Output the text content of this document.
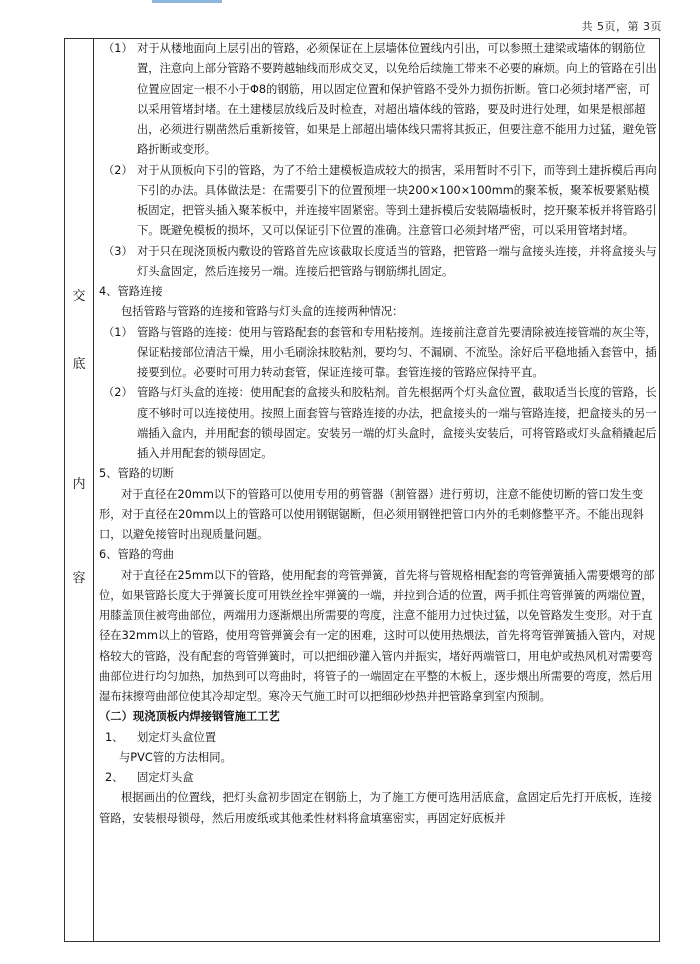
共 5页，第 3页
交
底
内
容
（1） 对于从楼地面向上层引出的管路，必须保证在上层墙体位置线内引出，可以参照土建梁或墙体的钢筋位置，注意向上部分管路不要跨越轴线而形成交叉，以免给后续施工带来不必要的麻烦。向上的管路在引出位置应固定一根不小于Φ8的钢筋，用以固定位置和保护管路不受外力损伤折断。管口必须封堵严密，可以采用管堵封堵。在土建楼层放线后及时检查，对超出墙体线的管路，要及时进行处理，如果是根部超出，必须进行剔凿然后重新接管，如果是上部超出墙体线只需将其扳正，但要注意不能用力过猛，避免管路折断或变形。
（2） 对于从顶板向下引的管路，为了不给土建模板造成较大的损害，采用暂时不引下，而等到土建拆模后再向下引的办法。具体做法是：在需要引下的位置预埋一块200×100×100mm的聚苯板，聚苯板要紧贴模板固定，把管头插入聚苯板中，并连接牢固紧密。等到土建拆模后安装隔墙板时，挖开聚苯板并将管路引下。既避免模板的损坏，又可以保证引下位置的准确。注意管口必须封堵严密，可以采用管堵封堵。
（3） 对于只在现浇顶板内敷设的管路首先应该截取长度适当的管路，把管路一端与盒接头连接，并将盒接头与灯头盒固定，然后连接另一端。连接后把管路与钢筋绑扎固定。
4、管路连接
包括管路与管路的连接和管路与灯头盒的连接两种情况：
（1） 管路与管路的连接：使用与管路配套的套管和专用粘接剂。连接前注意首先要清除被连接管端的灰尘等，保证粘接部位清洁干燥，用小毛刷涂抹胶粘剂，要均匀、不漏刷、不流坠。涂好后平稳地插入套管中，插接要到位。必要时可用力转动套管，保证连接可靠。套管连接的管路应保持平直。
（2） 管路与灯头盒的连接：使用配套的盒接头和胶粘剂。首先根据两个灯头盒位置，截取适当长度的管路，长度不够时可以连接使用。按照上面套管与管路连接的办法，把盒接头的一端与管路连接，把盒接头的另一端插入盒内，并用配套的锁母固定。安装另一端的灯头盒时，盒接头安装后，可将管路或灯头盒稍撬起后插入并用配套的锁母固定。
5、管路的切断
对于直径在20mm以下的管路可以使用专用的剪管器（割管器）进行剪切，注意不能使切断的管口发生变形，对于直径在20mm以上的管路可以使用钢锯锯断，但必须用钢锉把管口内外的毛刺修整平齐。不能出现斜口，以避免接管时出现质量问题。
6、管路的弯曲
对于直径在25mm以下的管路，使用配套的弯管弹簧，首先将与管规格相配套的弯管弹簧插入需要煨弯的部位，如果管路长度大于弹簧长度可用铁丝拴牢弹簧的一端，并拉到合适的位置，两手抓住弯管弹簧的两端位置，用膝盖顶住被弯曲部位，两端用力逐渐煨出所需要的弯度，注意不能用力过快过猛，以免管路发生变形。对于直径在32mm以上的管路，使用弯管弹簧会有一定的困难，这时可以使用热煨法，首先将弯管弹簧插入管内，对规格较大的管路，没有配套的弯管弹簧时，可以把细砂灌入管内并振实，堵好两端管口，用电炉或热风机对需要弯曲部位进行均匀加热，加热到可以弯曲时，将管子的一端固定在平整的木板上，逐步煨出所需要的弯度，然后用湿布抹擦弯曲部位使其冷却定型。寒冷天气施工时可以把细砂炒热并把管路拿到室内预制。
（二）现浇顶板内焊接钢管施工工艺
1、 划定灯头盒位置
与PVC管的方法相同。
2、 固定灯头盒
根据画出的位置线，把灯头盒初步固定在钢筋上，为了施工方便可选用活底盒，盒固定后先打开底板，连接管路，安装根母锁母，然后用废纸或其他柔性材料将盒填塞密实，再固定好底板并
